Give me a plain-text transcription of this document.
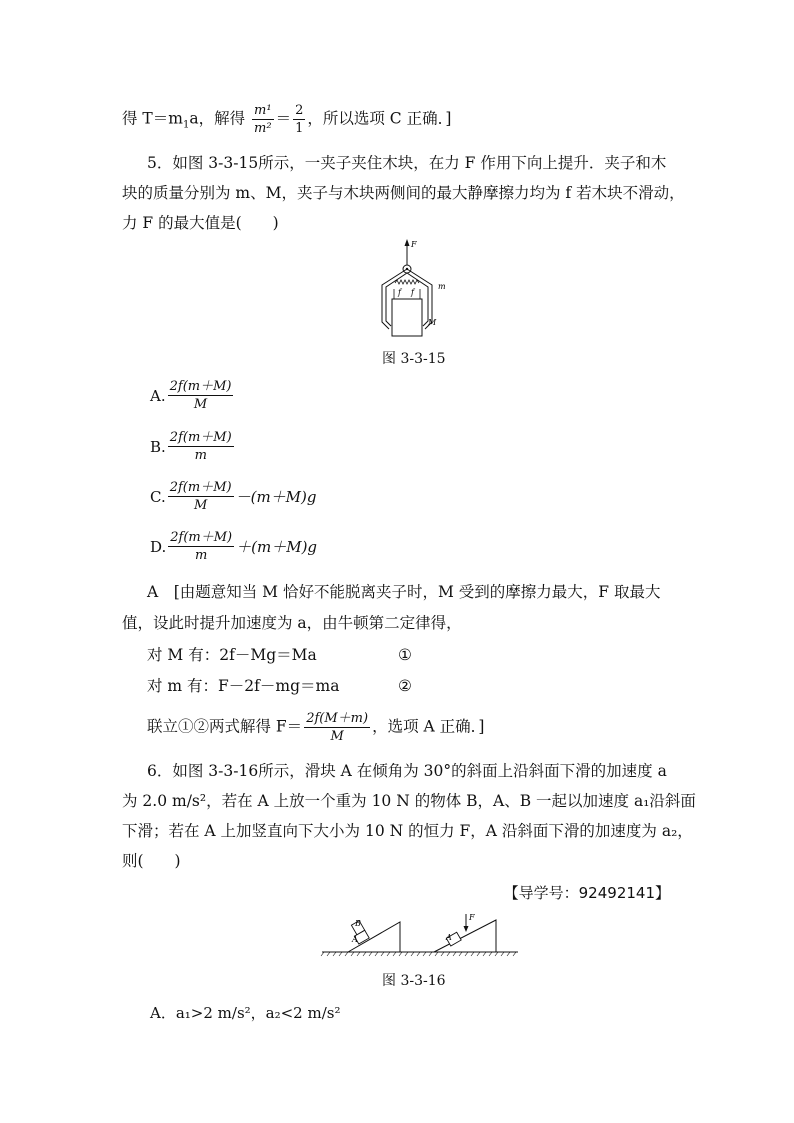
得 $T=m_1a$，解得 $\frac{\text{m¹}}{\text{m²}} = \frac{2}{1}$ ，所以选项 C 正确．]
5．如图 3-3-15所示，一夹子夹住木块，在力 F 作用下向上提升．夹子和木
块的质量分别为 m、M，夹子与木块两侧间的最大静摩擦力均为 f 若木块不滑动，
力 F 的最大值是(　　)
F
f f
m
M
图 3-3-15
A. $\frac{2f(m+M)}{M}$
B. $\frac{2f(m+M)}{m}$
C. $\frac{2f(m+M)}{M} -(m+M)g$
D. $\frac{2f(m+M)}{m} +(m+M)g$
A　[由题意知当 M 恰好不能脱离夹子时，M 受到的摩擦力最大，F 取最大
值，设此时提升加速度为 a，由牛顿第二定律得，
对 M 有：2f－Mg＝Ma	①
对 m 有：F－2f－mg＝ma	②
联立①②两式解得 $F= \frac{2f(M+m)}{M}$ ，选项 A 正确．]
6．如图 3-3-16所示，滑块 A 在倾角为 30°的斜面上沿斜面下滑的加速度 a
为 2.0 m/s²，若在 A 上放一个重为 10 N 的物体 B，A、B 一起以加速度 a₁沿斜面
下滑；若在 A 上加竖直向下大小为 10 N 的恒力 F，A 沿斜面下滑的加速度为 a₂，
则(　　)
【导学号：92492141】
B
A
F
A
图 3-3-16
A．a₁>2 m/s²，a₂<2 m/s²
